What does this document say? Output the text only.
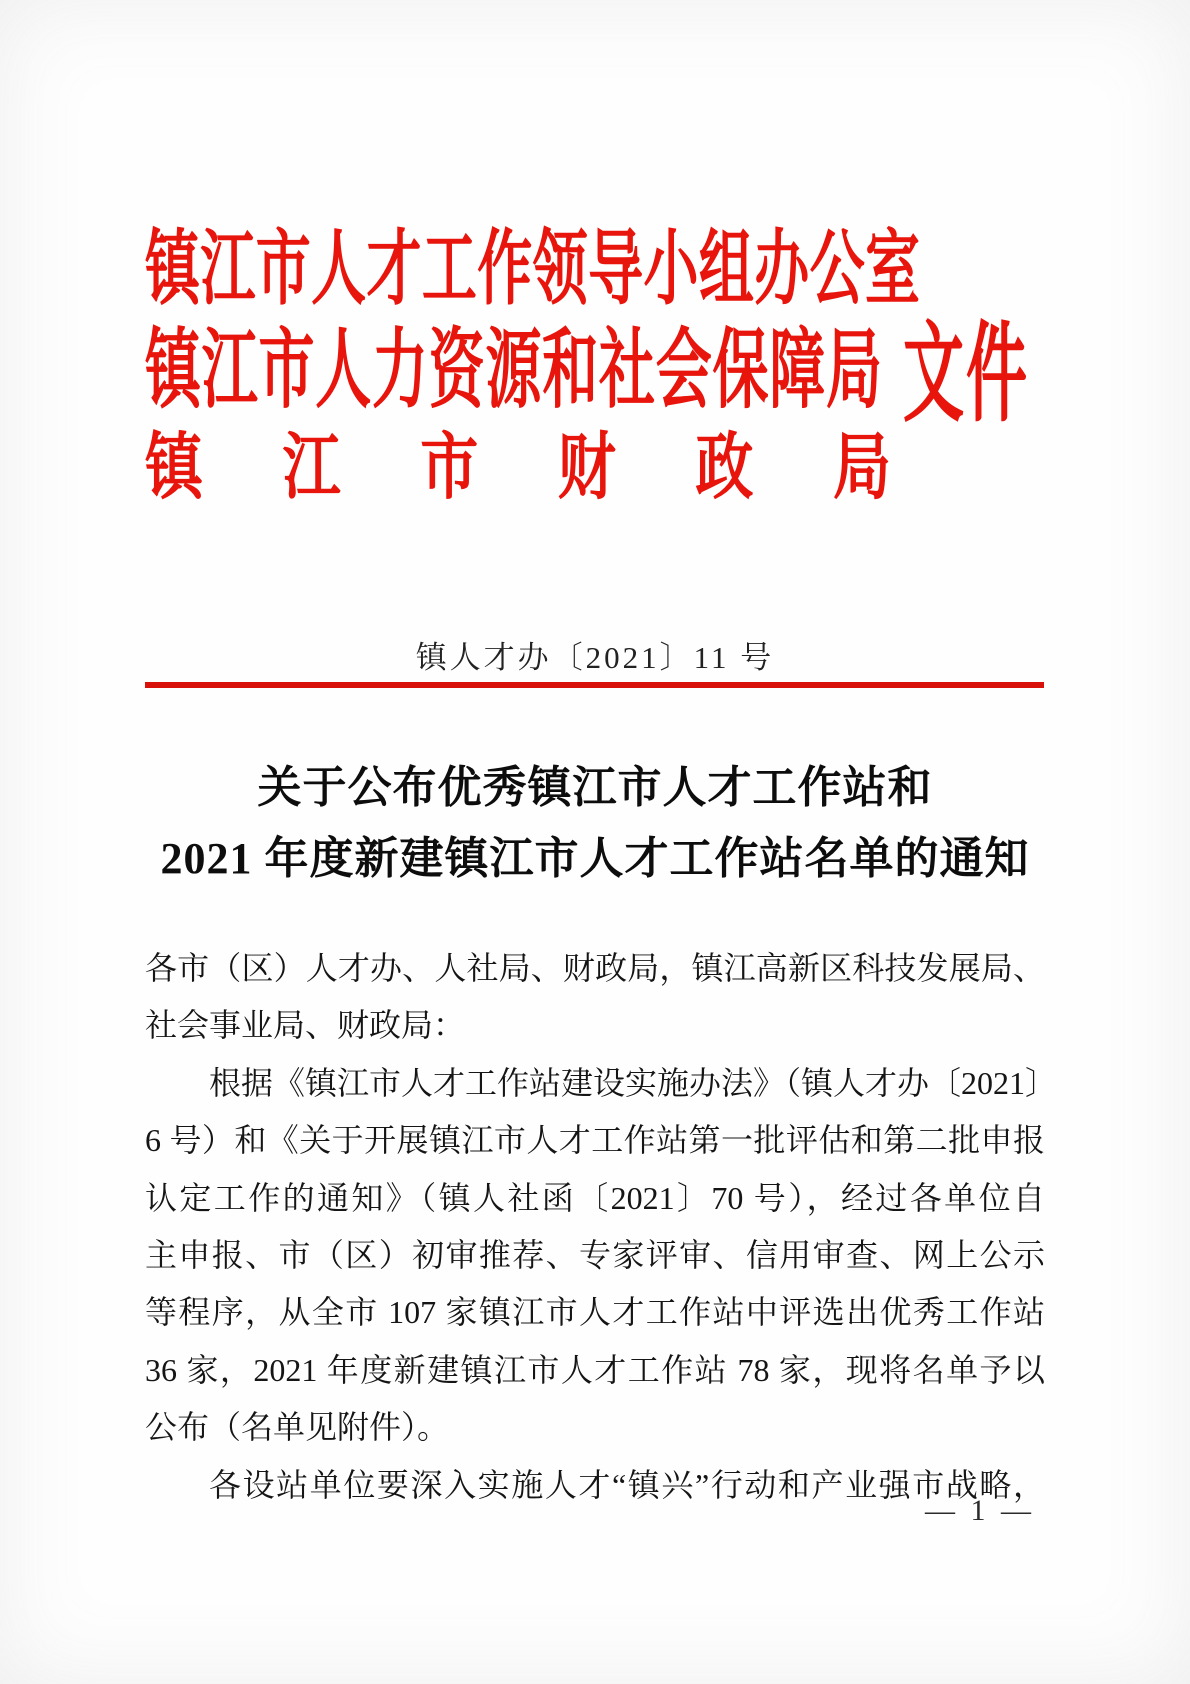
镇江市人才工作领导小组办公室
镇江市人力资源和社会保障局 文件
镇江市财政局
镇人才办〔2021〕11 号
关于公布优秀镇江市人才工作站和
2021 年度新建镇江市人才工作站名单的通知
各市（区）人才办、人社局、财政局，镇江高新区科技发展局、
社会事业局、财政局：
根据《镇江市人才工作站建设实施办法》（镇人才办〔2021〕
6 号）和《关于开展镇江市人才工作站第一批评估和第二批申报
认定工作的通知》（镇人社函〔2021〕70 号），经过各单位自
主申报、市（区）初审推荐、专家评审、信用审查、网上公示
等程序，从全市 107 家镇江市人才工作站中评选出优秀工作站
36 家，2021 年度新建镇江市人才工作站 78 家，现将名单予以
公布（名单见附件）。
各设站单位要深入实施人才“镇兴”行动和产业强市战略，
— 1 —
